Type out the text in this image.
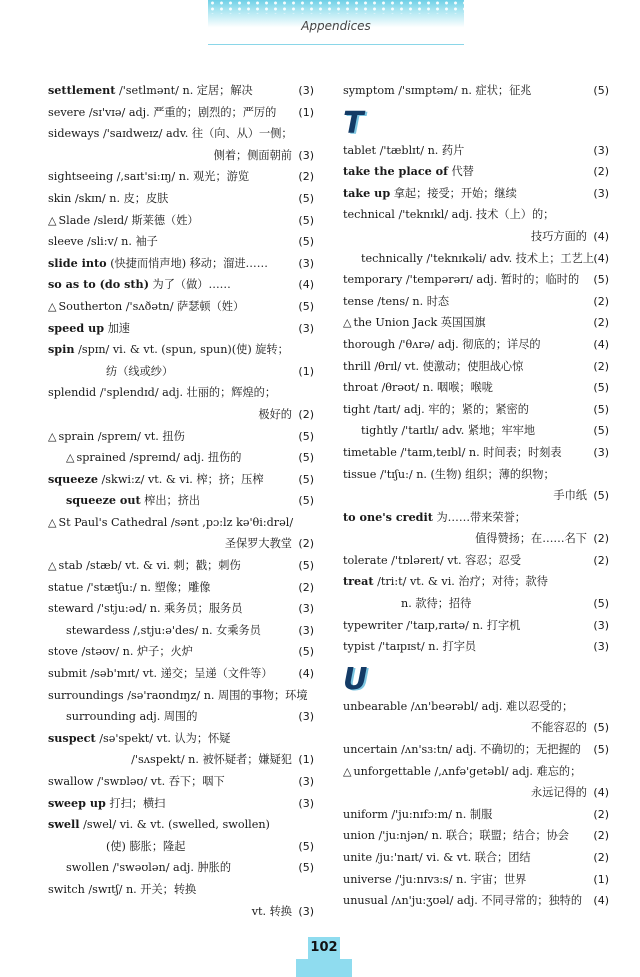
Appendices
settlement /'setlmənt/ n. 定居；解决	(3)
severe /sɪ'vɪə/ adj. 严重的；剧烈的；严厉的 (1)
sideways /'saɪdweɪz/ adv. 往（向、从）一侧；
侧着；侧面朝前 (3)
sightseeing /,saɪt'si:ɪŋ/ n. 观光；游览	(2)
skin /skɪn/ n. 皮；皮肤	(5)
△ Slade /sleɪd/ 斯莱德（姓）	(5)
sleeve /sli:v/ n. 袖子	(5)
slide into (快捷而悄声地) 移动；溜进……	(3)
so as to (do sth) 为了（做）……	(4)
△ Southerton /'sʌðətn/ 萨瑟顿（姓）	(5)
speed up 加速	(3)
spin /spɪn/ vi. & vt. (spun, spun)(使) 旋转；
纺（线或纱）	(1)
splendid /'splendɪd/ adj. 壮丽的；辉煌的；
极好的 (2)
△ sprain /spreɪn/ vt. 扭伤	(5)
△ sprained /spreɪnd/ adj. 扭伤的	(5)
squeeze /skwi:z/ vt. & vi. 榨；挤；压榨	(5)
squeeze out 榨出；挤出	(5)
△ St Paul's Cathedral /sənt ,pɔ:lz kə'θi:drəl/
圣保罗大教堂 (2)
△ stab /stæb/ vt. & vi. 刺；戳；刺伤	(5)
statue /'stætʃu:/ n. 塑像；雕像	(2)
steward /'stju:əd/ n. 乘务员；服务员	(3)
stewardess /,stju:ə'des/ n. 女乘务员	(3)
stove /stəʊv/ n. 炉子；火炉	(5)
submit /səb'mɪt/ vt. 递交；呈递（文件等） (4)
surroundings /sə'raʊndɪŋz/ n. 周围的事物；环境
surrounding adj. 周围的	(3)
suspect /sə'spekt/ vt. 认为；怀疑
/'sʌspekt/ n. 被怀疑者；嫌疑犯 (1)
swallow /'swɒləʊ/ vt. 吞下；咽下	(3)
sweep up 打扫；横扫	(3)
swell /swel/ vi. & vt. (swelled, swollen)
(使) 膨胀；隆起	(5)
swollen /'swəʊlən/ adj. 肿胀的	(5)
switch /swɪtʃ/ n. 开关；转换
vt. 转换 (3)
symptom /'sɪmptəm/ n. 症状；征兆	(5)
T
tablet /'tæblɪt/ n. 药片	(3)
take the place of 代替	(2)
take up 拿起；接受；开始；继续	(3)
technical /'teknɪkl/ adj. 技术（上）的；
技巧方面的 (4)
technically /'teknɪkəli/ adv. 技术上；工艺上 (4)
temporary /'tempərərɪ/ adj. 暂时的；临时的 (5)
tense /tens/ n. 时态	(2)
△ the Union Jack 英国国旗	(2)
thorough /'θʌrə/ adj. 彻底的；详尽的	(4)
thrill /θrɪl/ vt. 使激动；使胆战心惊	(2)
throat /θrəʊt/ n. 咽喉；喉咙	(5)
tight /taɪt/ adj. 牢的；紧的；紧密的	(5)
tightly /'taɪtlɪ/ adv. 紧地；牢牢地	(5)
timetable /'taɪm,teɪbl/ n. 时间表；时刻表	(3)
tissue /'tɪʃu:/ n. (生物) 组织；薄的织物；
手巾纸 (5)
to one's credit 为……带来荣誉；
值得赞扬；在……名下 (2)
tolerate /'tɒləreɪt/ vt. 容忍；忍受	(2)
treat /tri:t/ vt. & vi. 治疗；对待；款待
n. 款待；招待	(5)
typewriter /'taɪp,raɪtə/ n. 打字机	(3)
typist /'taɪpɪst/ n. 打字员	(3)
U
unbearable /ʌn'beərəbl/ adj. 难以忍受的；
不能容忍的 (5)
uncertain /ʌn'sɜ:tn/ adj. 不确切的；无把握的 (5)
△ unforgettable /,ʌnfə'getəbl/ adj. 难忘的；
永远记得的 (4)
uniform /'ju:nɪfɔ:m/ n. 制服	(2)
union /'ju:njən/ n. 联合；联盟；结合；协会 (2)
unite /ju:'naɪt/ vi. & vt. 联合；团结	(2)
universe /'ju:nɪvɜ:s/ n. 宇宙；世界	(1)
unusual /ʌn'ju:ʒʊəl/ adj. 不同寻常的；独特的 (4)
102
